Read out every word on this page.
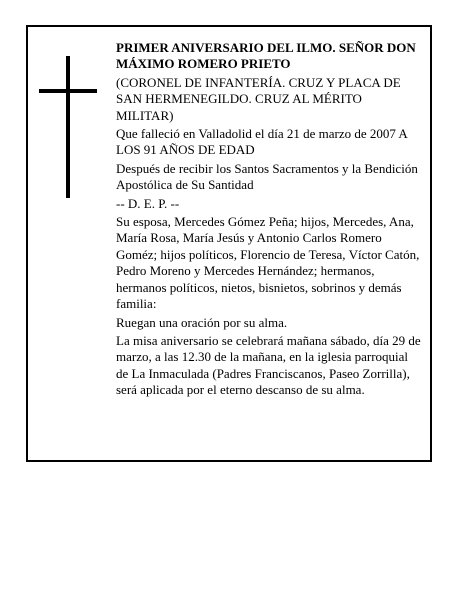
PRIMER ANIVERSARIO DEL ILMO. SEÑOR DON MÁXIMO ROMERO PRIETO

(CORONEL DE INFANTERÍA. CRUZ Y PLACA DE SAN HERMENEGILDO. CRUZ AL MÉRITO MILITAR)

Que falleció en Valladolid el día 21 de marzo de 2007 A LOS 91 AÑOS DE EDAD

Después de recibir los Santos Sacramentos y la Bendición Apostólica de Su Santidad

-- D. E. P. --

Su esposa, Mercedes Gómez Peña; hijos, Mercedes, Ana, María Rosa, María Jesús y Antonio Carlos Romero Goméz; hijos políticos, Florencio de Teresa, Víctor Catón, Pedro Moreno y Mercedes Hernández; hermanos, hermanos políticos, nietos, bisnietos, sobrinos y demás familia:

Ruegan una oración por su alma.

La misa aniversario se celebrará mañana sábado, día 29 de marzo, a las 12.30 de la mañana, en la iglesia parroquial de La Inmaculada (Padres Franciscanos, Paseo Zorrilla), será aplicada por el eterno descanso de su alma.
